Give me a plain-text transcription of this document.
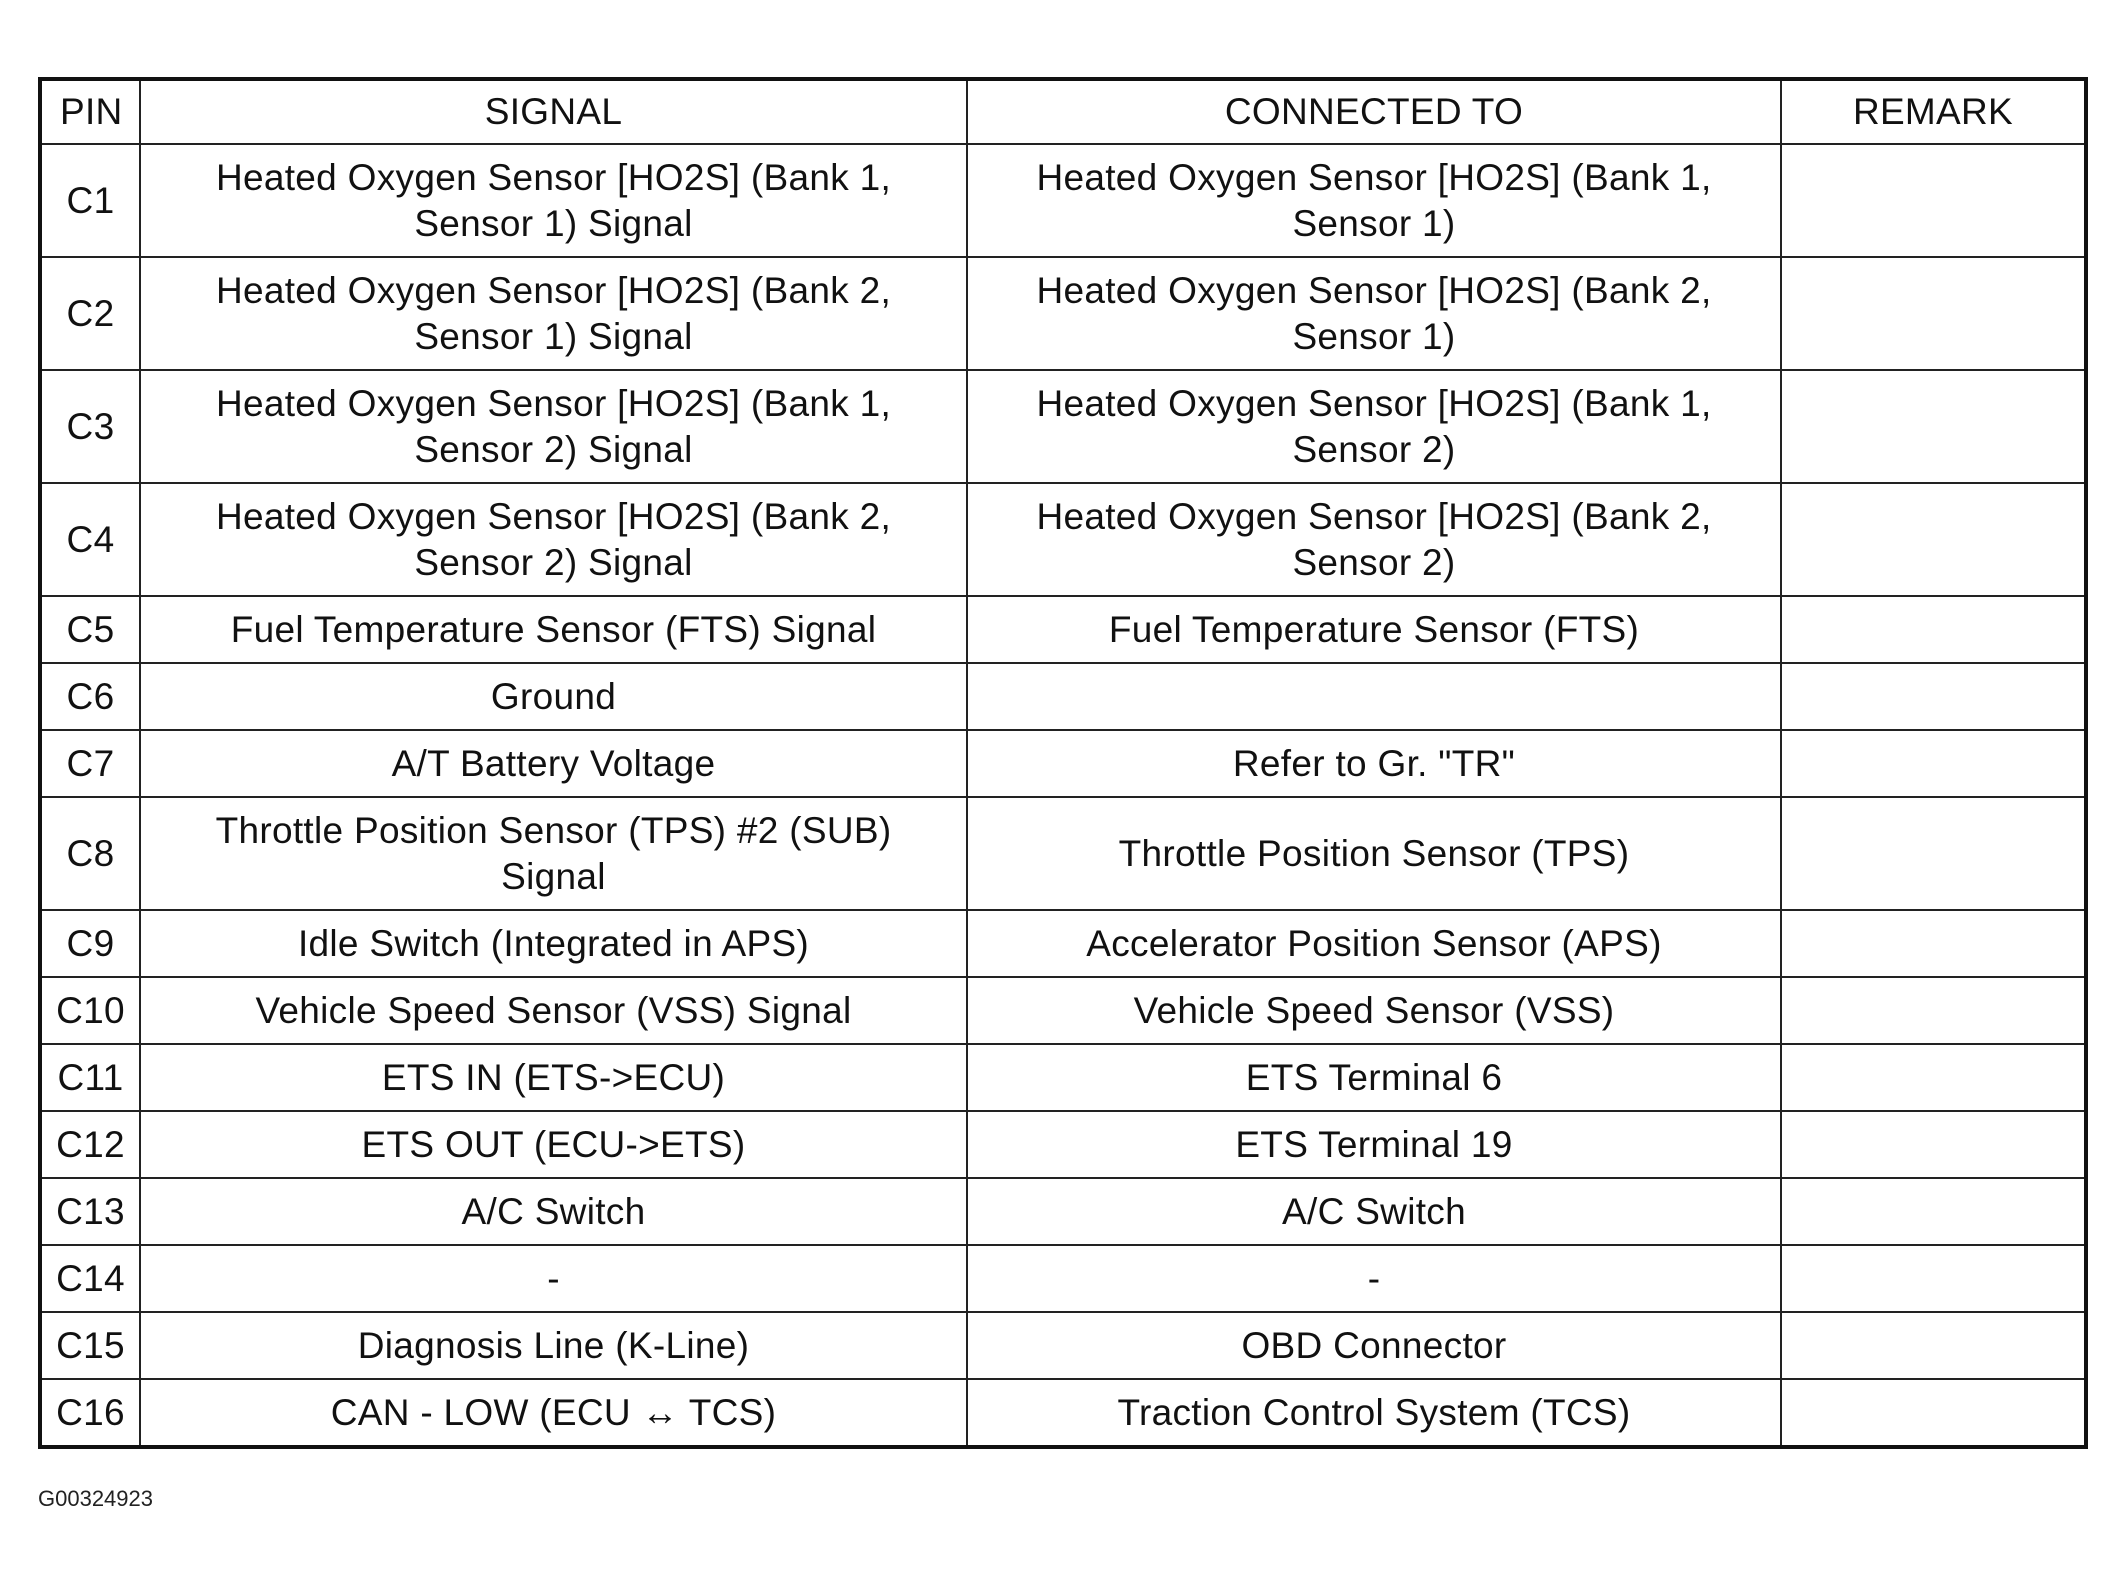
PIN	SIGNAL	CONNECTED TO	REMARK
C1	Heated Oxygen Sensor [HO2S] (Bank 1, Sensor 1) Signal	Heated Oxygen Sensor [HO2S] (Bank 1, Sensor 1)	
C2	Heated Oxygen Sensor [HO2S] (Bank 2, Sensor 1) Signal	Heated Oxygen Sensor [HO2S] (Bank 2, Sensor 1)	
C3	Heated Oxygen Sensor [HO2S] (Bank 1, Sensor 2) Signal	Heated Oxygen Sensor [HO2S] (Bank 1, Sensor 2)	
C4	Heated Oxygen Sensor [HO2S] (Bank 2, Sensor 2) Signal	Heated Oxygen Sensor [HO2S] (Bank 2, Sensor 2)	
C5	Fuel Temperature Sensor (FTS) Signal	Fuel Temperature Sensor (FTS)	
C6	Ground		
C7	A/T Battery Voltage	Refer to Gr. "TR"	
C8	Throttle Position Sensor (TPS) #2 (SUB) Signal	Throttle Position Sensor (TPS)	
C9	Idle Switch (Integrated in APS)	Accelerator Position Sensor (APS)	
C10	Vehicle Speed Sensor (VSS) Signal	Vehicle Speed Sensor (VSS)	
C11	ETS IN (ETS->ECU)	ETS Terminal 6	
C12	ETS OUT (ECU->ETS)	ETS Terminal 19	
C13	A/C Switch	A/C Switch	
C14	-	-	
C15	Diagnosis Line (K-Line)	OBD Connector	
C16	CAN - LOW (ECU ↔ TCS)	Traction Control System (TCS)	
G00324923
